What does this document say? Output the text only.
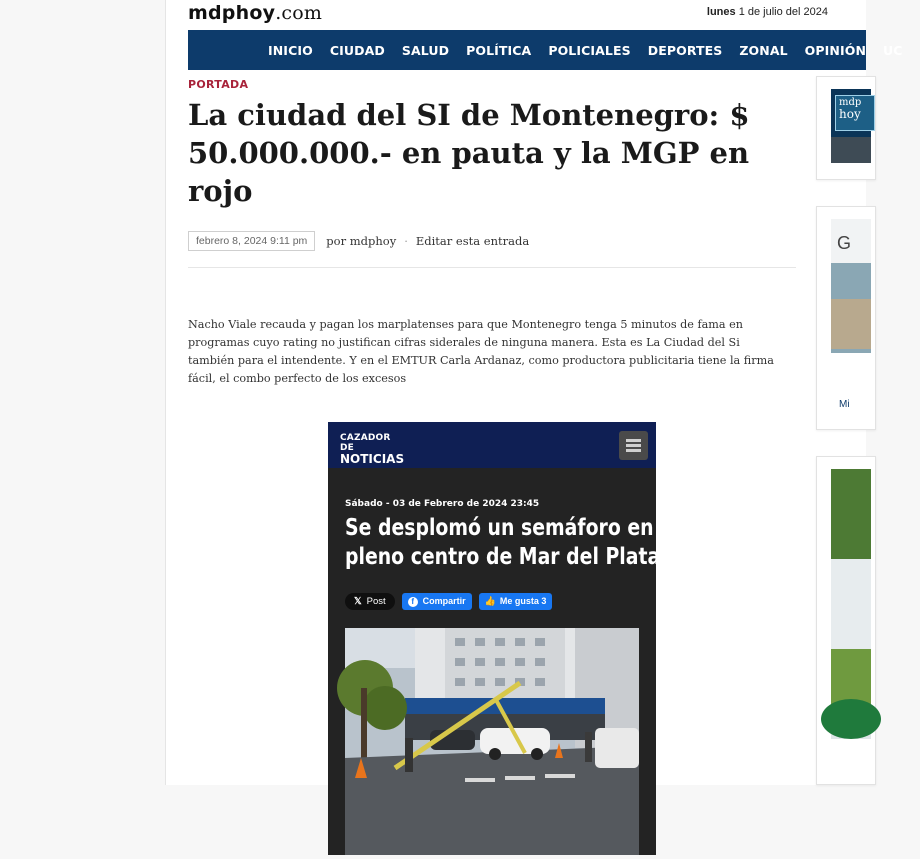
mdphoy.com	lunes 1 de julio del 2024
INICIO CIUDAD SALUD POLÍTICA POLICIALES DEPORTES ZONAL OPINIÓN UC
PORTADA
La ciudad del SI de Montenegro: $ 50.000.000.- en pauta y la MGP en rojo
febrero 8, 2024 9:11 pm	por mdphoy · Editar esta entrada

Nacho Viale recauda y pagan los marplatenses para que Montenegro tenga 5 minutos de fama en programas cuyo rating no justifican cifras siderales de ninguna manera. Esta es La Ciudad del Si también para el intendente. Y en el EMTUR Carla Ardanaz, como productora publicitaria tiene la firma fácil, el combo perfecto de los excesos

CAZADOR DE
NOTICIAS
Sábado - 03 de Febrero de 2024 23:45
Se desplomó un semáforo en
pleno centro de Mar del Plata
𝕏 Post	f Compartir 👍 Me gusta 3
mdp
hoy
G
Mi
